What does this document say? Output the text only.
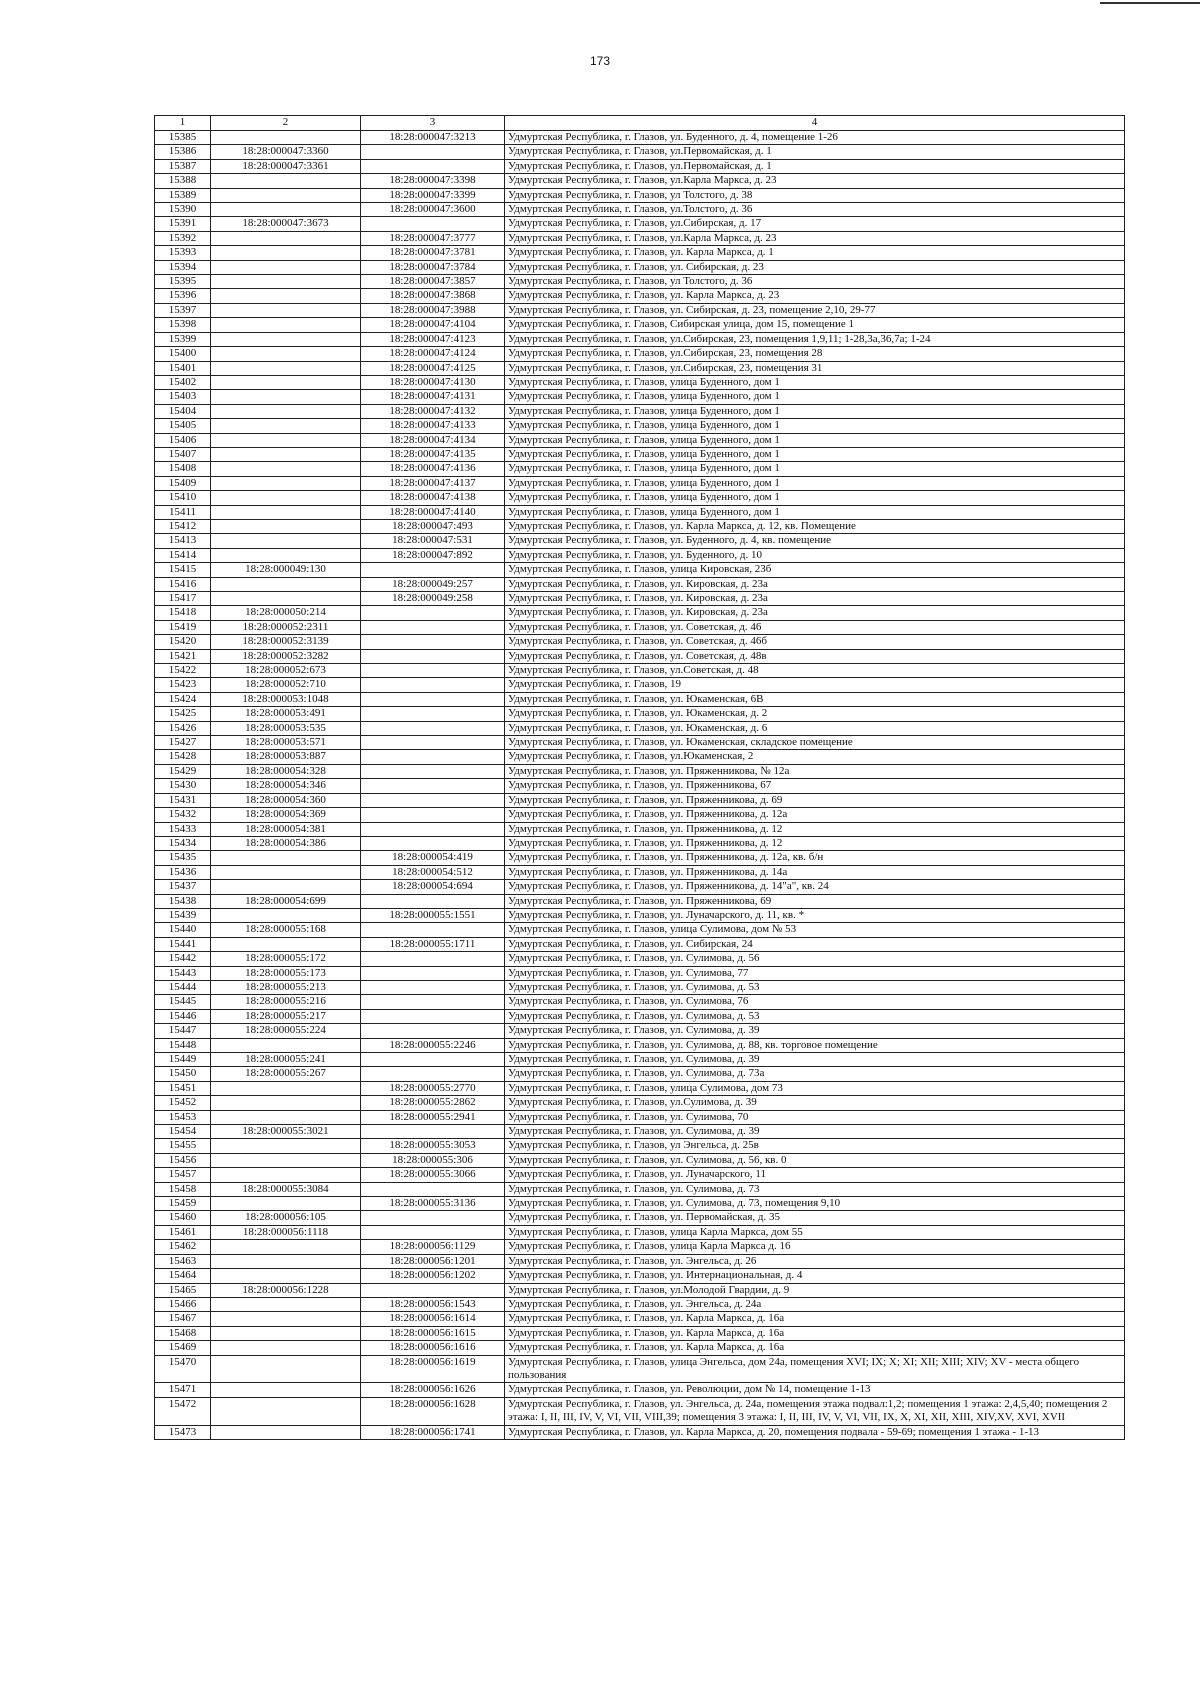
173
1	2	3	4
15385		18:28:000047:3213	Удмуртская Республика, г. Глазов, ул. Буденного, д. 4, помещение 1-26
15386	18:28:000047:3360		Удмуртская Республика, г. Глазов, ул.Первомайская, д. 1
15387	18:28:000047:3361		Удмуртская Республика, г. Глазов, ул.Первомайская, д. 1
15388		18:28:000047:3398	Удмуртская Республика, г. Глазов, ул.Карла Маркса, д. 23
15389		18:28:000047:3399	Удмуртская Республика, г. Глазов, ул Толстого, д. 38
15390		18:28:000047:3600	Удмуртская Республика, г. Глазов, ул.Толстого, д. 36
15391	18:28:000047:3673		Удмуртская Республика, г. Глазов, ул.Сибирская, д. 17
15392		18:28:000047:3777	Удмуртская Республика, г. Глазов, ул.Карла Маркса, д. 23
15393		18:28:000047:3781	Удмуртская Республика, г. Глазов, ул. Карла Маркса, д. 1
15394		18:28:000047:3784	Удмуртская Республика, г. Глазов, ул. Сибирская, д. 23
15395		18:28:000047:3857	Удмуртская Республика, г. Глазов, ул Толстого, д. 36
15396		18:28:000047:3868	Удмуртская Республика, г. Глазов, ул. Карла Маркса, д. 23
15397		18:28:000047:3988	Удмуртская Республика, г. Глазов, ул. Сибирская, д. 23, помещение 2,10, 29-77
15398		18:28:000047:4104	Удмуртская Республика, г. Глазов, Сибирская улица, дом 15, помещение 1
15399		18:28:000047:4123	Удмуртская Республика, г. Глазов, ул.Сибирская, 23, помещения 1,9,11; 1-28,3а,36,7а; 1-24
15400		18:28:000047:4124	Удмуртская Республика, г. Глазов, ул.Сибирская, 23, помещения 28
15401		18:28:000047:4125	Удмуртская Республика, г. Глазов, ул.Сибирская, 23, помещения 31
15402		18:28:000047:4130	Удмуртская Республика, г. Глазов, улица Буденного, дом 1
15403		18:28:000047:4131	Удмуртская Республика, г. Глазов, улица Буденного, дом 1
15404		18:28:000047:4132	Удмуртская Республика, г. Глазов, улица Буденного, дом 1
15405		18:28:000047:4133	Удмуртская Республика, г. Глазов, улица Буденного, дом 1
15406		18:28:000047:4134	Удмуртская Республика, г. Глазов, улица Буденного, дом 1
15407		18:28:000047:4135	Удмуртская Республика, г. Глазов, улица Буденного, дом 1
15408		18:28:000047:4136	Удмуртская Республика, г. Глазов, улица Буденного, дом 1
15409		18:28:000047:4137	Удмуртская Республика, г. Глазов, улица Буденного, дом 1
15410		18:28:000047:4138	Удмуртская Республика, г. Глазов, улица Буденного, дом 1
15411		18:28:000047:4140	Удмуртская Республика, г. Глазов, улица Буденного, дом 1
15412		18:28:000047:493	Удмуртская Республика, г. Глазов, ул. Карла Маркса, д. 12, кв. Помещение
15413		18:28:000047:531	Удмуртская Республика, г. Глазов, ул. Буденного, д. 4, кв. помещение
15414		18:28:000047:892	Удмуртская Республика, г. Глазов, ул. Буденного, д. 10
15415	18:28:000049:130		Удмуртская Республика, г. Глазов, улица Кировская, 23б
15416		18:28:000049:257	Удмуртская Республика, г. Глазов, ул. Кировская, д. 23а
15417		18:28:000049:258	Удмуртская Республика, г. Глазов, ул. Кировская, д. 23а
15418	18:28:000050:214		Удмуртская Республика, г. Глазов, ул. Кировская, д. 23а
15419	18:28:000052:2311		Удмуртская Республика, г. Глазов, ул. Советская, д. 46
15420	18:28:000052:3139		Удмуртская Республика, г. Глазов, ул. Советская, д. 46б
15421	18:28:000052:3282		Удмуртская Республика, г. Глазов, ул. Советская, д. 48в
15422	18:28:000052:673		Удмуртская Республика, г. Глазов, ул.Советская, д. 48
15423	18:28:000052:710		Удмуртская Республика, г. Глазов, 19
15424	18:28:000053:1048		Удмуртская Республика, г. Глазов, ул. Юкаменская, 6В
15425	18:28:000053:491		Удмуртская Республика, г. Глазов, ул. Юкаменская, д. 2
15426	18:28:000053:535		Удмуртская Республика, г. Глазов, ул. Юкаменская, д. 6
15427	18:28:000053:571		Удмуртская Республика, г. Глазов, ул. Юкаменская, складское помещение
15428	18:28:000053:887		Удмуртская Республика, г. Глазов, ул.Юкаменская, 2
15429	18:28:000054:328		Удмуртская Республика, г. Глазов, ул. Пряженникова, № 12а
15430	18:28:000054:346		Удмуртская Республика, г. Глазов, ул. Пряженникова, 67
15431	18:28:000054:360		Удмуртская Республика, г. Глазов, ул. Пряженникова, д. 69
15432	18:28:000054:369		Удмуртская Республика, г. Глазов, ул. Пряженникова, д. 12а
15433	18:28:000054:381		Удмуртская Республика, г. Глазов, ул. Пряженникова, д. 12
15434	18:28:000054:386		Удмуртская Республика, г. Глазов, ул. Пряженникова, д. 12
15435		18:28:000054:419	Удмуртская Республика, г. Глазов, ул. Пряженникова, д. 12а, кв. б/н
15436		18:28:000054:512	Удмуртская Республика, г. Глазов, ул. Пряженникова, д. 14а
15437		18:28:000054:694	Удмуртская Республика, г. Глазов, ул. Пряженникова, д. 14"а", кв. 24
15438	18:28:000054:699		Удмуртская Республика, г. Глазов, ул. Пряженникова, 69
15439		18:28:000055:1551	Удмуртская Республика, г. Глазов, ул. Луначарского, д. 11, кв. *
15440	18:28:000055:168		Удмуртская Республика, г. Глазов, улица Сулимова, дом № 53
15441		18:28:000055:1711	Удмуртская Республика, г. Глазов, ул. Сибирская, 24
15442	18:28:000055:172		Удмуртская Республика, г. Глазов, ул. Сулимова, д. 56
15443	18:28:000055:173		Удмуртская Республика, г. Глазов, ул. Сулимова, 77
15444	18:28:000055:213		Удмуртская Республика, г. Глазов, ул. Сулимова, д. 53
15445	18:28:000055:216		Удмуртская Республика, г. Глазов, ул. Сулимова, 76
15446	18:28:000055:217		Удмуртская Республика, г. Глазов, ул. Сулимова, д. 53
15447	18:28:000055:224		Удмуртская Республика, г. Глазов, ул. Сулимова, д. 39
15448		18:28:000055:2246	Удмуртская Республика, г. Глазов, ул. Сулимова, д. 88, кв. торговое помещение
15449	18:28:000055:241		Удмуртская Республика, г. Глазов, ул. Сулимова, д. 39
15450	18:28:000055:267		Удмуртская Республика, г. Глазов, ул. Сулимова, д. 73а
15451		18:28:000055:2770	Удмуртская Республика, г. Глазов, улица Сулимова, дом 73
15452		18:28:000055:2862	Удмуртская Республика, г. Глазов, ул.Сулимова, д. 39
15453		18:28:000055:2941	Удмуртская Республика, г. Глазов, ул. Сулимова, 70
15454	18:28:000055:3021		Удмуртская Республика, г. Глазов, ул. Сулимова, д. 39
15455		18:28:000055:3053	Удмуртская Республика, г. Глазов, ул Энгельса, д. 25в
15456		18:28:000055:306	Удмуртская Республика, г. Глазов, ул. Сулимова, д. 56, кв. 0
15457		18:28:000055:3066	Удмуртская Республика, г. Глазов, ул. Луначарского, 11
15458	18:28:000055:3084		Удмуртская Республика, г. Глазов, ул. Сулимова, д. 73
15459		18:28:000055:3136	Удмуртская Республика, г. Глазов, ул. Сулимова, д. 73, помещения 9,10
15460	18:28:000056:105		Удмуртская Республика, г. Глазов, ул. Первомайская, д. 35
15461	18:28:000056:1118		Удмуртская Республика, г. Глазов, улица Карла Маркса, дом 55
15462		18:28:000056:1129	Удмуртская Республика, г. Глазов, улица Карла Маркса д. 16
15463		18:28:000056:1201	Удмуртская Республика, г. Глазов, ул. Энгельса, д. 26
15464		18:28:000056:1202	Удмуртская Республика, г. Глазов, ул. Интернациональная, д. 4
15465	18:28:000056:1228		Удмуртская Республика, г. Глазов, ул.Молодой Гвардии, д. 9
15466		18:28:000056:1543	Удмуртская Республика, г. Глазов, ул. Энгельса, д. 24а
15467		18:28:000056:1614	Удмуртская Республика, г. Глазов, ул. Карла Маркса, д. 16а
15468		18:28:000056:1615	Удмуртская Республика, г. Глазов, ул. Карла Маркса, д. 16а
15469		18:28:000056:1616	Удмуртская Республика, г. Глазов, ул. Карла Маркса, д. 16а
15470		18:28:000056:1619	Удмуртская Республика, г. Глазов, улица Энгельса, дом 24а, помещения XVI; IX; X; XI; XII; XIII; XIV; XV - места общего пользования
15471		18:28:000056:1626	Удмуртская Республика, г. Глазов, ул. Революции, дом № 14, помещение 1-13
15472		18:28:000056:1628	Удмуртская Республика, г. Глазов, ул. Энгельса, д. 24а, помещения этажа подвал:1,2; помещения 1 этажа: 2,4,5,40; помещения 2 этажа: I, II, III, IV, V, VI, VII, VIII,39; помещения 3 этажа: I, II, III, IV, V, VI, VII, IX, X, XI, XII, XIII, XIV,XV, XVI, XVII
15473		18:28:000056:1741	Удмуртская Республика, г. Глазов, ул. Карла Маркса, д. 20, помещения подвала - 59-69; помещения 1 этажа - 1-13
